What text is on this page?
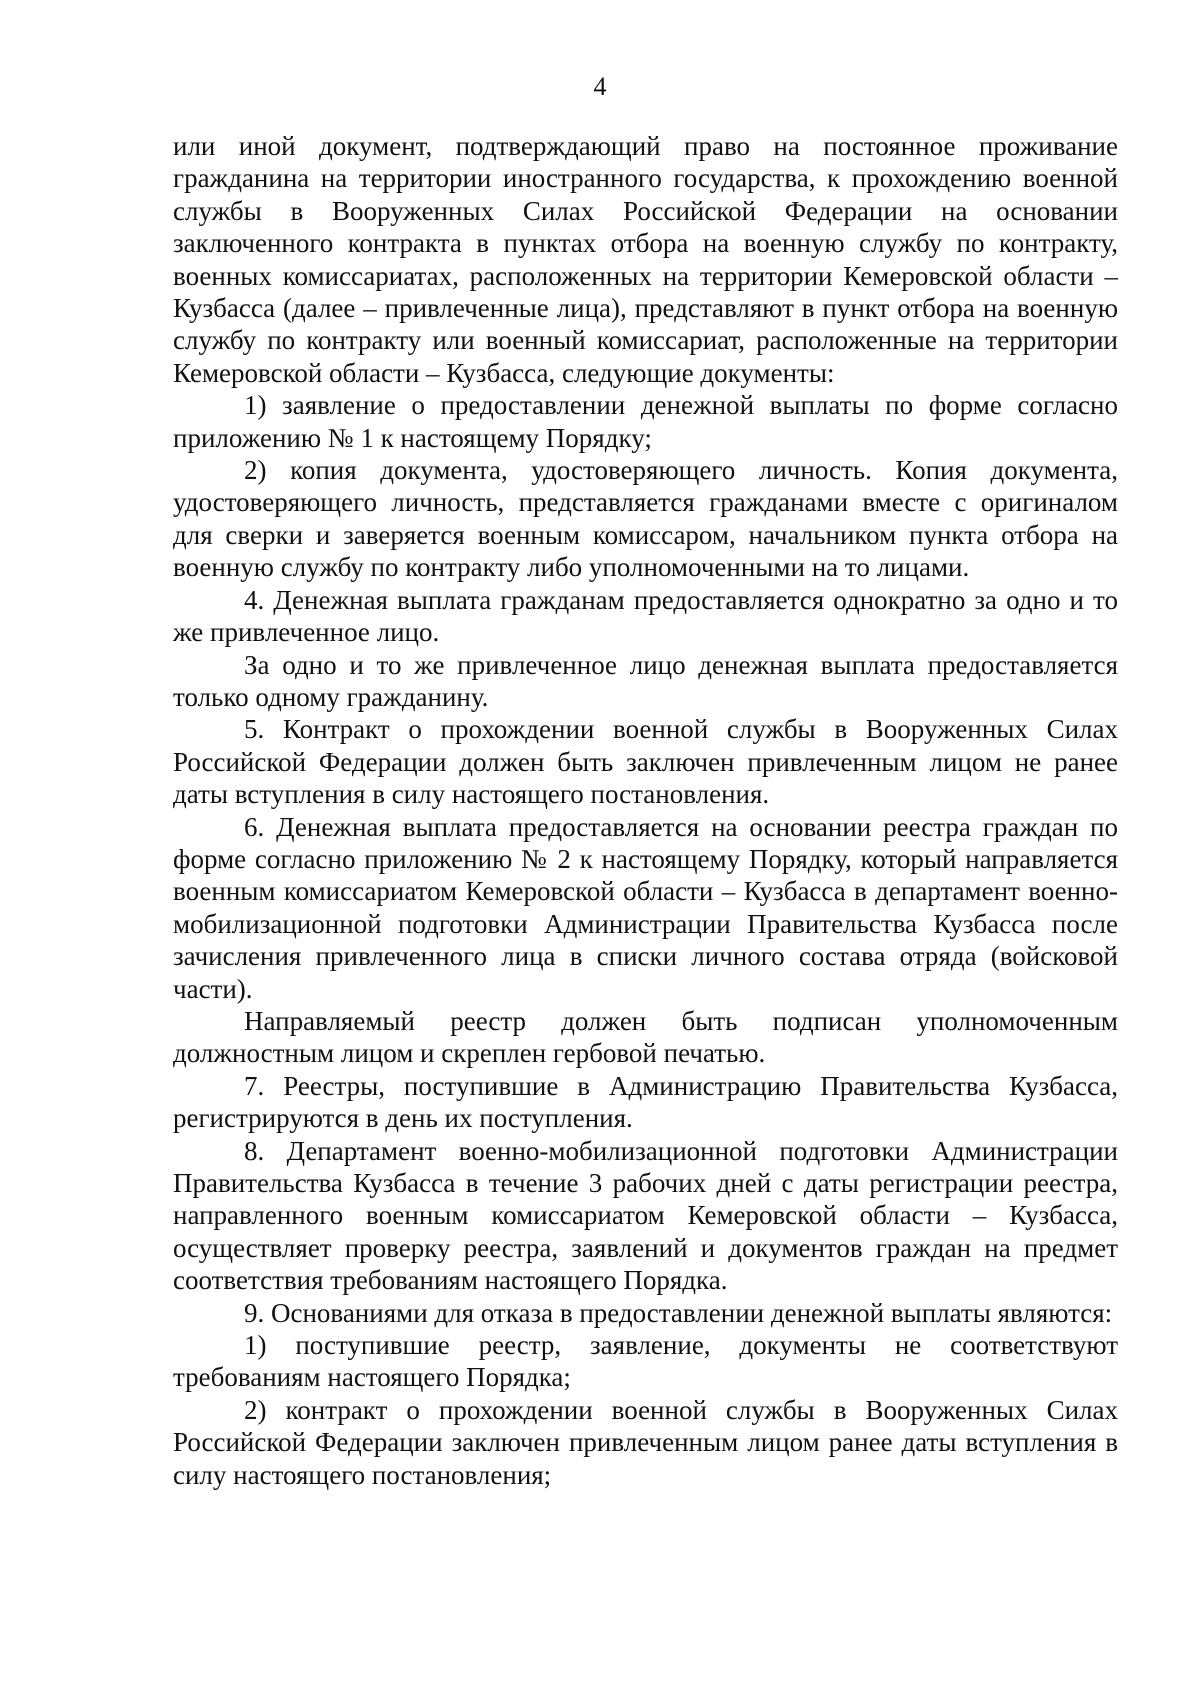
4

или иной документ, подтверждающий право на постоянное проживание гражданина на территории иностранного государства, к прохождению военной службы в Вооруженных Силах Российской Федерации на основании заключенного контракта в пунктах отбора на военную службу по контракту, военных комиссариатах, расположенных на территории Кемеровской области – Кузбасса (далее – привлеченные лица), представляют в пункт отбора на военную службу по контракту или военный комиссариат, расположенные на территории Кемеровской области – Кузбасса, следующие документы:

1) заявление о предоставлении денежной выплаты по форме согласно приложению № 1 к настоящему Порядку;

2) копия документа, удостоверяющего личность. Копия документа, удостоверяющего личность, представляется гражданами вместе с оригиналом для сверки и заверяется военным комиссаром, начальником пункта отбора на военную службу по контракту либо уполномоченными на то лицами.

4. Денежная выплата гражданам предоставляется однократно за одно и то же привлеченное лицо.

За одно и то же привлеченное лицо денежная выплата предоставляется только одному гражданину.

5. Контракт о прохождении военной службы в Вооруженных Силах Российской Федерации должен быть заключен привлеченным лицом не ранее даты вступления в силу настоящего постановления.

6. Денежная выплата предоставляется на основании реестра граждан по форме согласно приложению № 2 к настоящему Порядку, который направляется военным комиссариатом Кемеровской области – Кузбасса в департамент военно-мобилизационной подготовки Администрации Правительства Кузбасса после зачисления привлеченного лица в списки личного состава отряда (войсковой части).

Направляемый реестр должен быть подписан уполномоченным должностным лицом и скреплен гербовой печатью.

7. Реестры, поступившие в Администрацию Правительства Кузбасса, регистрируются в день их поступления.

8. Департамент военно-мобилизационной подготовки Администрации Правительства Кузбасса в течение 3 рабочих дней с даты регистрации реестра, направленного военным комиссариатом Кемеровской области – Кузбасса, осуществляет проверку реестра, заявлений и документов граждан на предмет соответствия требованиям настоящего Порядка.

9. Основаниями для отказа в предоставлении денежной выплаты являются:

1) поступившие реестр, заявление, документы не соответствуют требованиям настоящего Порядка;

2) контракт о прохождении военной службы в Вооруженных Силах Российской Федерации заключен привлеченным лицом ранее даты вступления в силу настоящего постановления;
